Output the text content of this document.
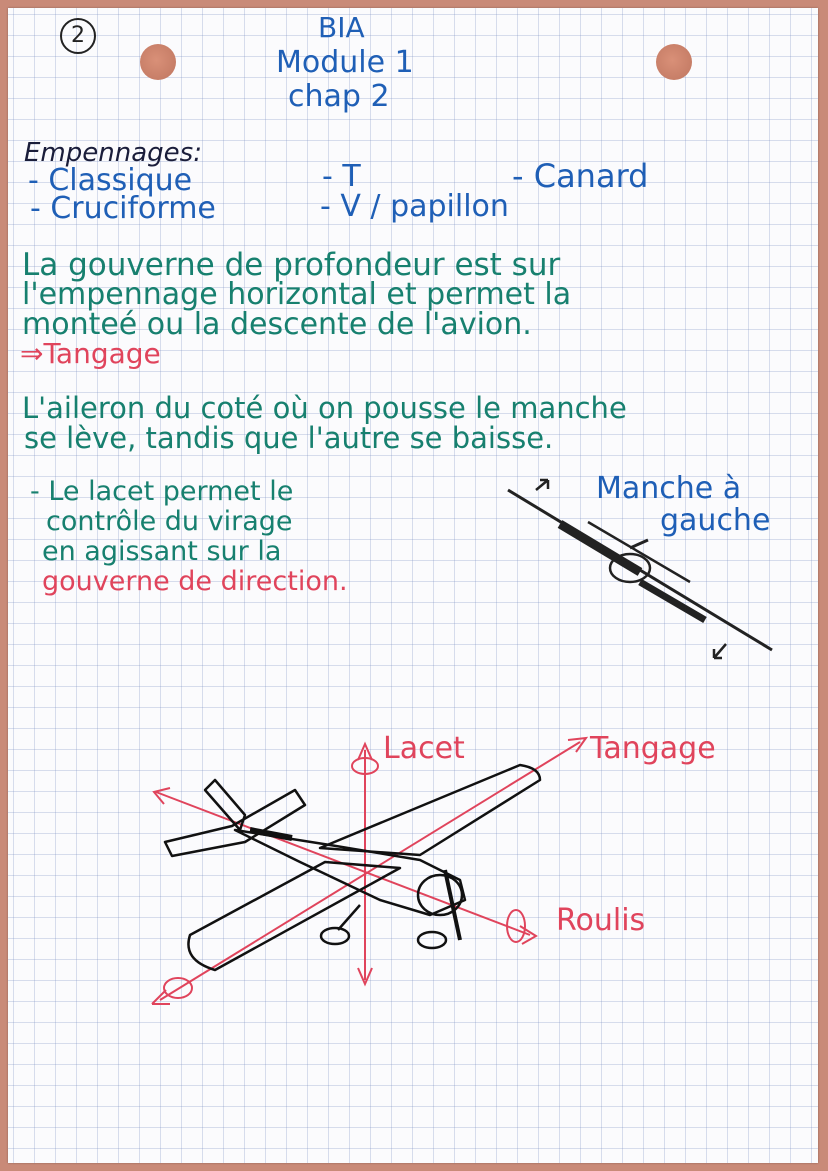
2	BIA
Module 1
chap 2
Empennages:
- Classique	- T	- Canard
- Cruciforme	- V / papillon
La gouverne de profondeur est sur
l'empennage horizontal et permet la
monteé ou la descente de l'avion.
⇒Tangage
L'aileron du coté où on pousse le manche
se lève, tandis que l'autre se baisse.
- Le lacet permet le
contrôle du virage
en agissant sur la
gouverne de direction.
Manche à
gauche
Lacet	Tangage
Roulis
